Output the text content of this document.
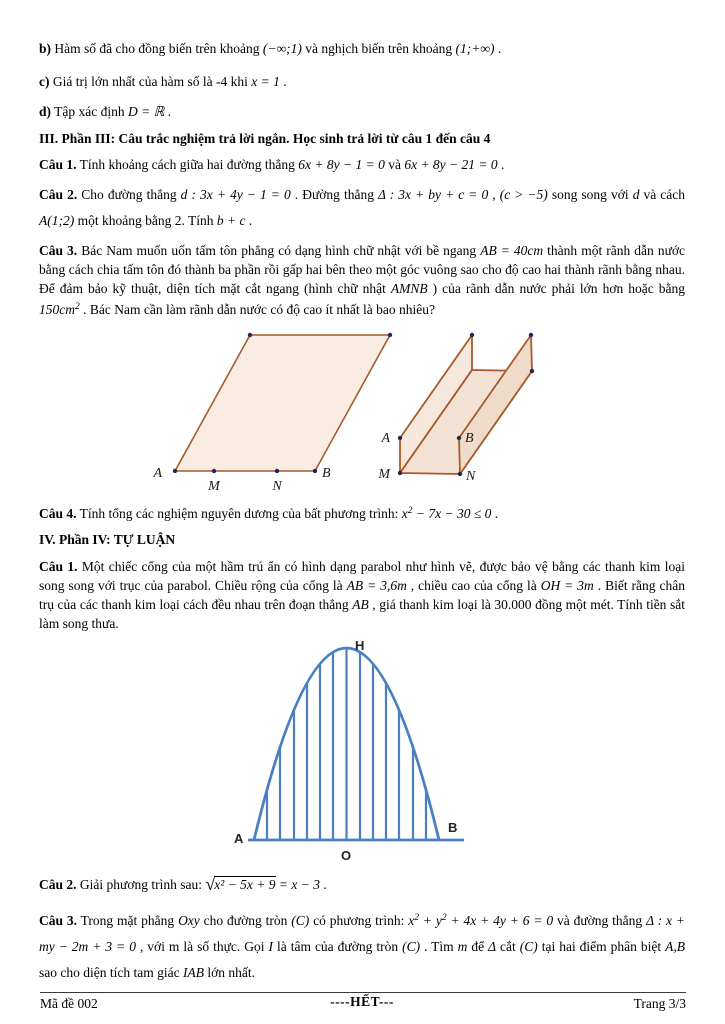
b) Hàm số đã cho đồng biến trên khoảng (−∞;1) và nghịch biến trên khoảng (1;+∞) .

c) Giá trị lớn nhất của hàm số là -4 khi x = 1 .

d) Tập xác định D = ℝ .

III. Phần III: Câu trắc nghiệm trả lời ngắn. Học sinh trả lời từ câu 1 đến câu 4

Câu 1. Tính khoảng cách giữa hai đường thẳng 6x + 8y − 1 = 0 và 6x + 8y − 21 = 0 .

Câu 2. Cho đường thẳng d : 3x + 4y − 1 = 0 . Đường thẳng Δ : 3x + by + c = 0 , (c > −5) song song với d và cách A(1;2) một khoảng bằng 2. Tính b + c .

Câu 3. Bác Nam muốn uốn tấm tôn phẳng có dạng hình chữ nhật với bề ngang AB = 40cm thành một rãnh dẫn nước bằng cách chia tấm tôn đó thành ba phần rồi gấp hai bên theo một góc vuông sao cho độ cao hai thành rãnh bằng nhau. Để đảm bảo kỹ thuật, diện tích mặt cắt ngang (hình chữ nhật AMNB ) của rãnh dẫn nước phải lớn hơn hoặc bằng $150cm^2$ . Bác Nam cần làm rãnh dẫn nước có độ cao ít nhất là bao nhiêu?

A
M	N
B
A
M
B
N

Câu 4. Tính tổng các nghiệm nguyên dương của bất phương trình: $x^2 - 7x - 30 \le 0$ .

IV. Phần IV: TỰ LUẬN

Câu 1. Một chiếc cổng của một hầm trú ẩn có hình dạng parabol như hình vẽ, được bảo vệ bằng các thanh kim loại song song với trục của parabol. Chiều rộng của cổng là AB = 3,6m , chiều cao của cổng là OH = 3m . Biết rằng chân trụ của các thanh kim loại cách đều nhau trên đoạn thẳng AB , giá thanh kim loại là 30.000 đồng một mét. Tính tiền sắt làm song thưa.

H
A
B
O

Câu 2. Giải phương trình sau: √x² − 5x + 9 = x − 3 .

Câu 3. Trong mặt phẳng Oxy cho đường tròn (C) có phương trình: $x^2 + y^2 + 4x + 4y + 6 = 0$ và đường thẳng Δ : x + my − 2m + 3 = 0 , với m là số thực. Gọi I là tâm của đường tròn (C) . Tìm m để Δ cắt (C) tại hai điểm phân biệt A,B sao cho diện tích tam giác IAB lớn nhất.

----HẾT---

Mã đề 002	Trang 3/3
